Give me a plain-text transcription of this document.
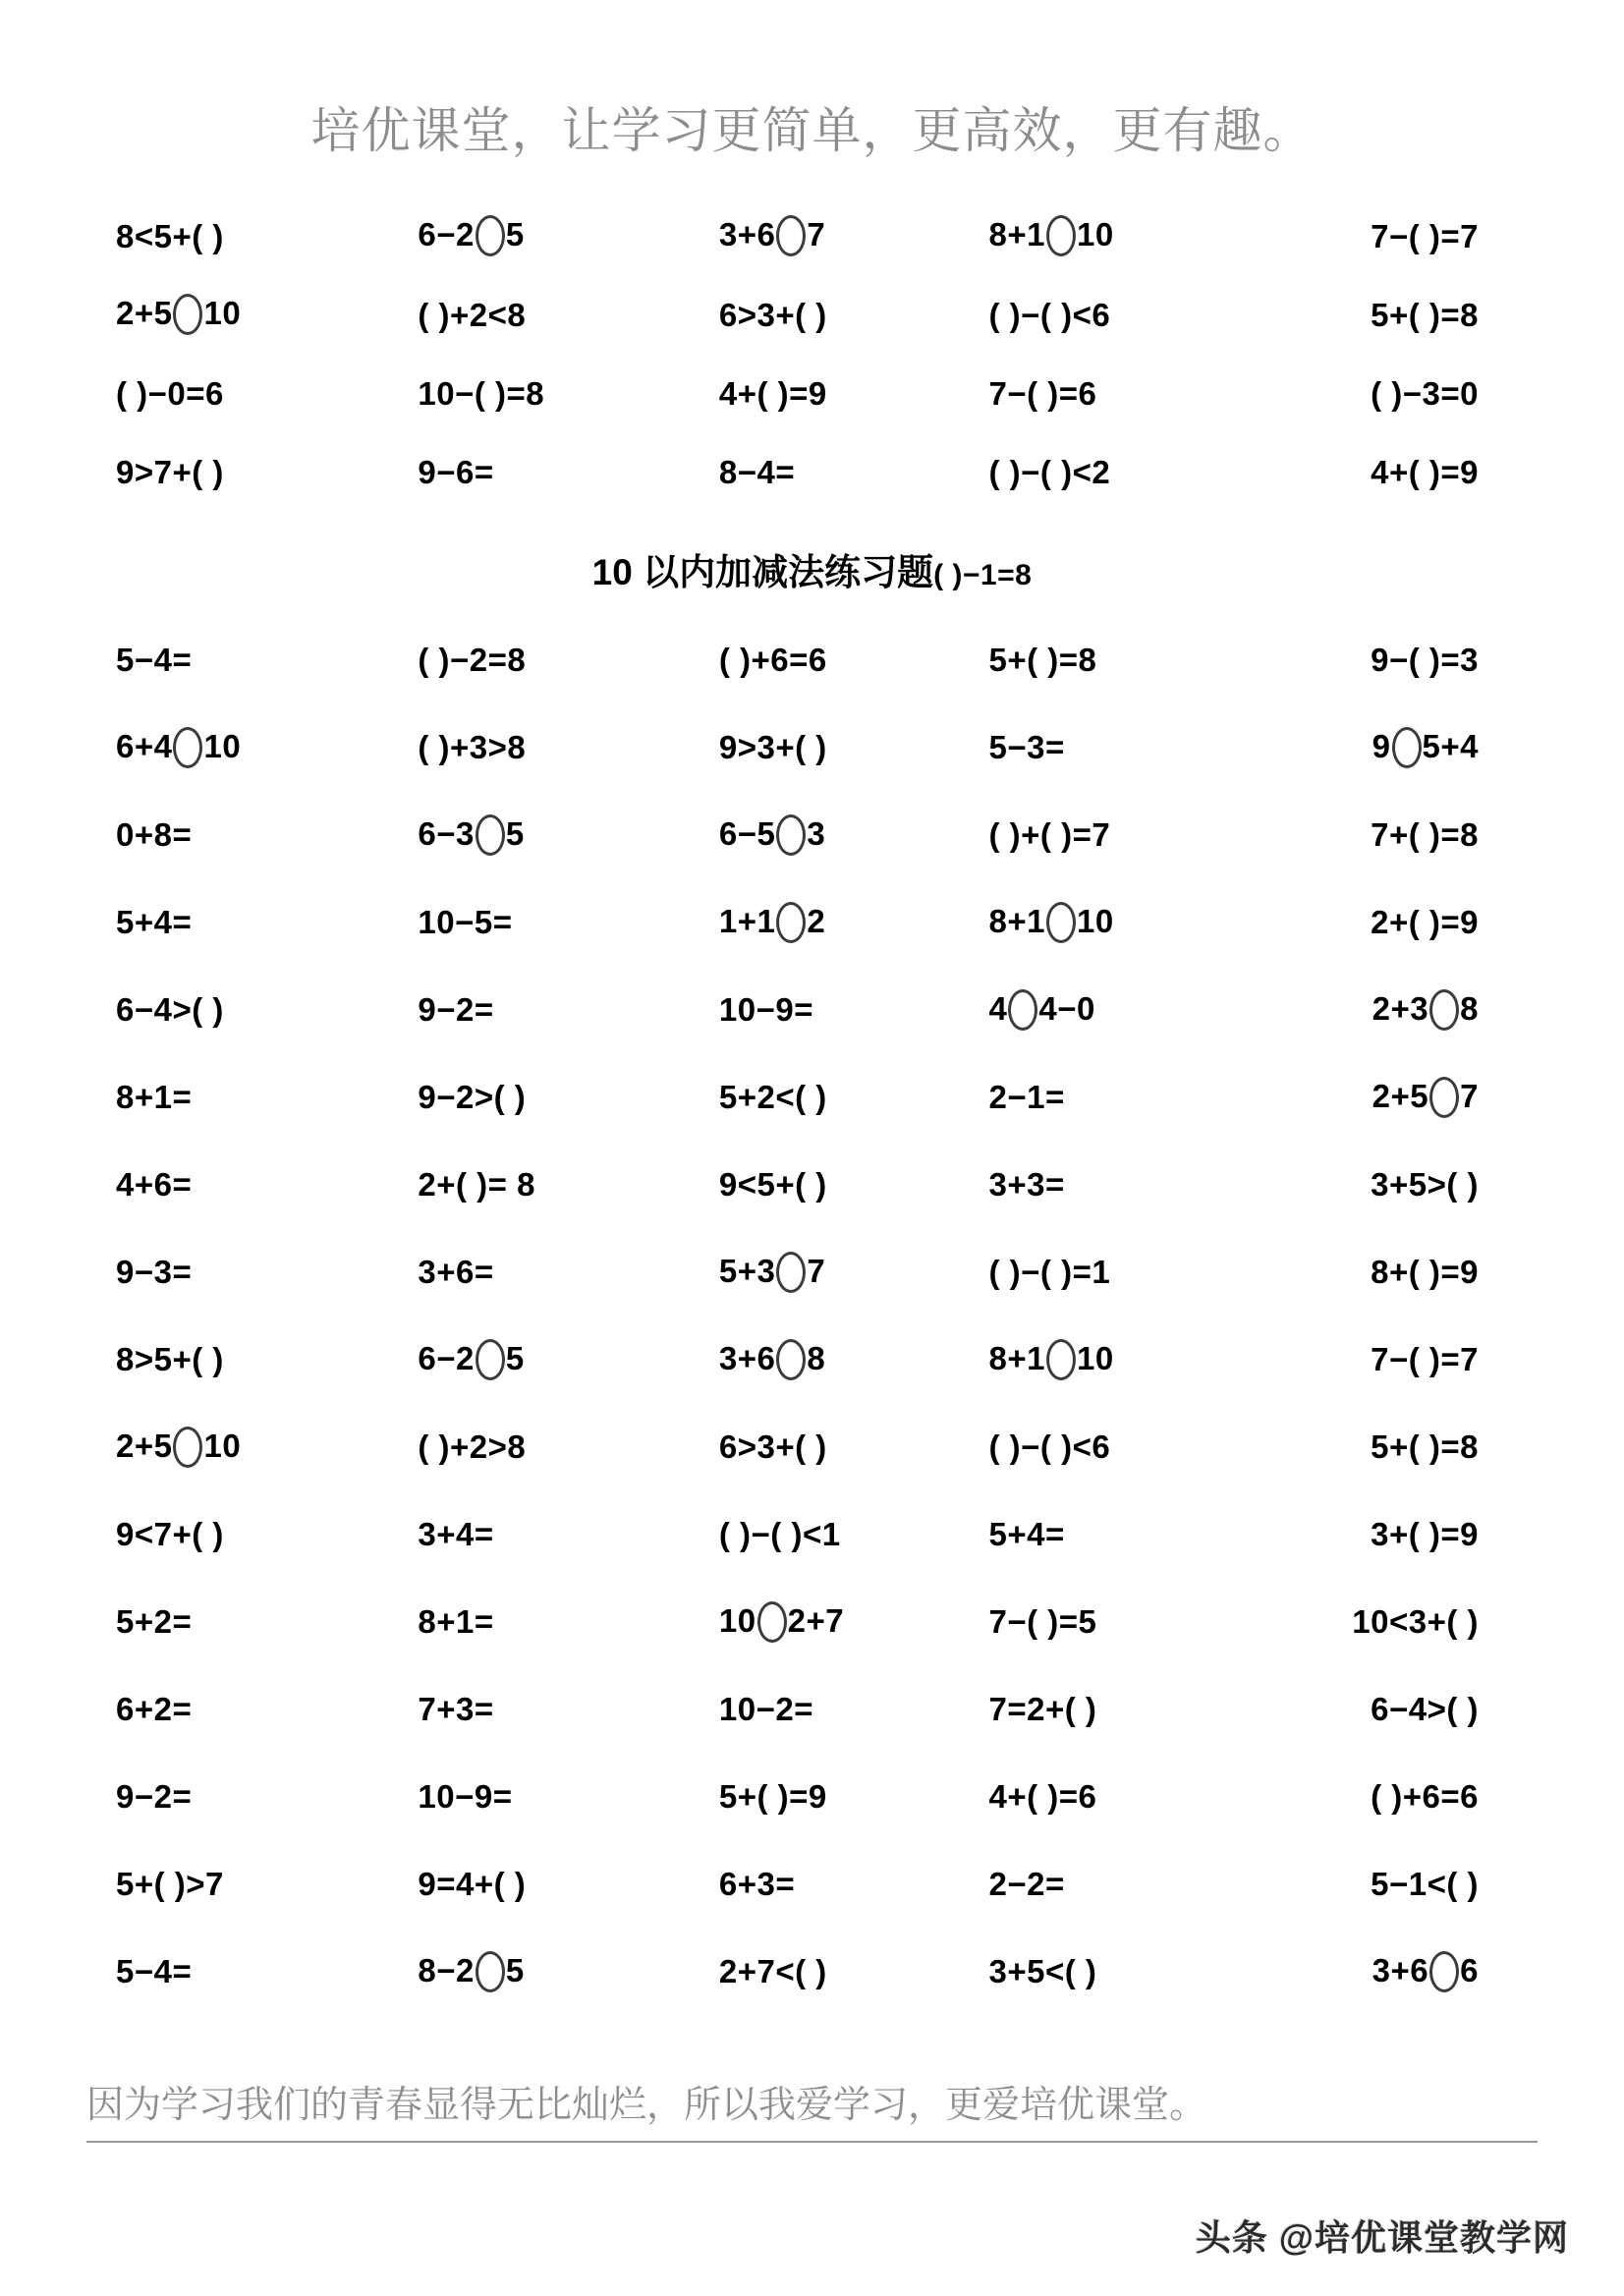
培优课堂，让学习更简单，更高效，更有趣。
8<5+( )	6−2 5	3+6 7	8+1 10	7−( )=7
2+5 10	( )+2<8	6>3+( )	( )−( )<6	5+( )=8
( )−0=6	10−( )=8	4+( )=9	7−( )=6	( )−3=0
9>7+( )	9−6=	8−4=	( )−( )<2	4+( )=9
10 以内加减法练习题( )−1=8
5−4=	( )−2=8	( )+6=6	5+( )=8	9−( )=3
6+4 10	( )+3>8	9>3+( )	5−3=	9 5+4
0+8=	6−3 5	6−5 3	( )+( )=7	7+( )=8
5+4=	10−5=	1+1 2	8+1 10	2+( )=9
6−4>( )	9−2=	10−9=	4 4−0	2+3 8
8+1=	9−2>( )	5+2<( )	2−1=	2+5 7
4+6=	2+( )= 8	9<5+( )	3+3=	3+5>( )
9−3=	3+6=	5+3 7	( )−( )=1	8+( )=9
8>5+( )	6−2 5	3+6 8	8+1 10	7−( )=7
2+5 10	( )+2>8	6>3+( )	( )−( )<6	5+( )=8
9<7+( )	3+4=	( )−( )<1	5+4=	3+( )=9
5+2=	8+1=	10 2+7	7−( )=5	10<3+( )
6+2=	7+3=	10−2=	7=2+( )	6−4>( )
9−2=	10−9=	5+( )=9	4+( )=6	( )+6=6
5+( )>7	9=4+( )	6+3=	2−2=	5−1<( )
5−4=	8−2 5	2+7<( )	3+5<( )	3+6 6
因为学习我们的青春显得无比灿烂，所以我爱学习，更爱培优课堂。
头条 @培优课堂教学网
